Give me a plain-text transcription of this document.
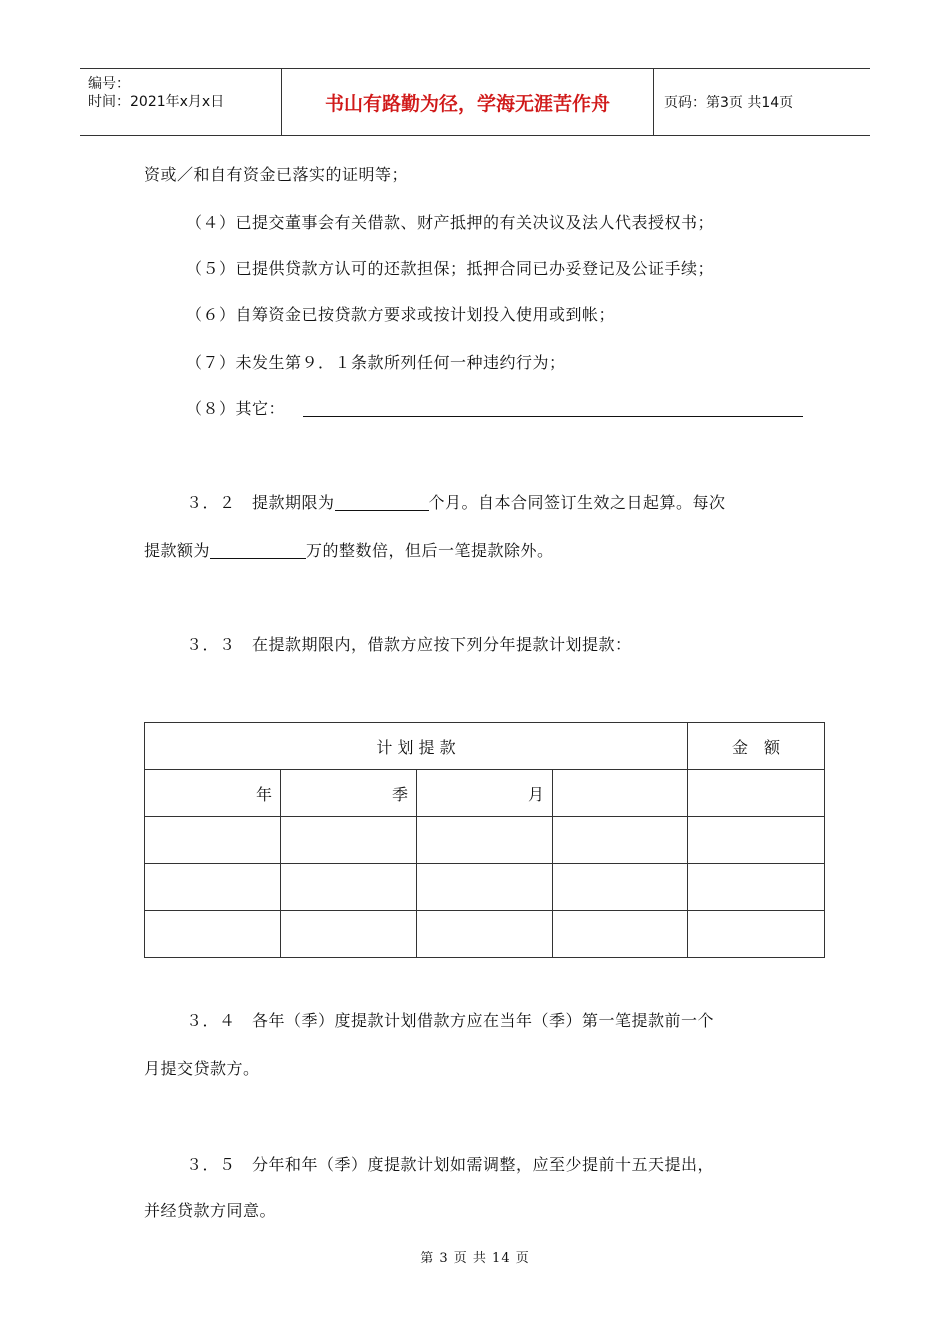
编号：
时间：2021年x月x日	书山有路勤为径，学海无涯苦作舟	页码：第3页 共14页
资或／和自有资金已落实的证明等；
（４）已提交董事会有关借款、财产抵押的有关决议及法人代表授权书；
（５）已提供贷款方认可的还款担保；抵押合同已办妥登记及公证手续；
（６）自筹资金已按贷款方要求或按计划投入使用或到帐；
（７）未发生第９．１条款所列任何一种违约行为；
（８）其它：
３．２　提款期限为	个月。自本合同签订生效之日起算。每次
提款额为	万的整数倍，但后一笔提款除外。
３．３　在提款期限内，借款方应按下列分年提款计划提款：
计 划 提 款				金　额
年	季	月		

３．４　各年（季）度提款计划借款方应在当年（季）第一笔提款前一个
月提交贷款方。
３．５　分年和年（季）度提款计划如需调整，应至少提前十五天提出，
并经贷款方同意。
第 3 页 共 14 页
